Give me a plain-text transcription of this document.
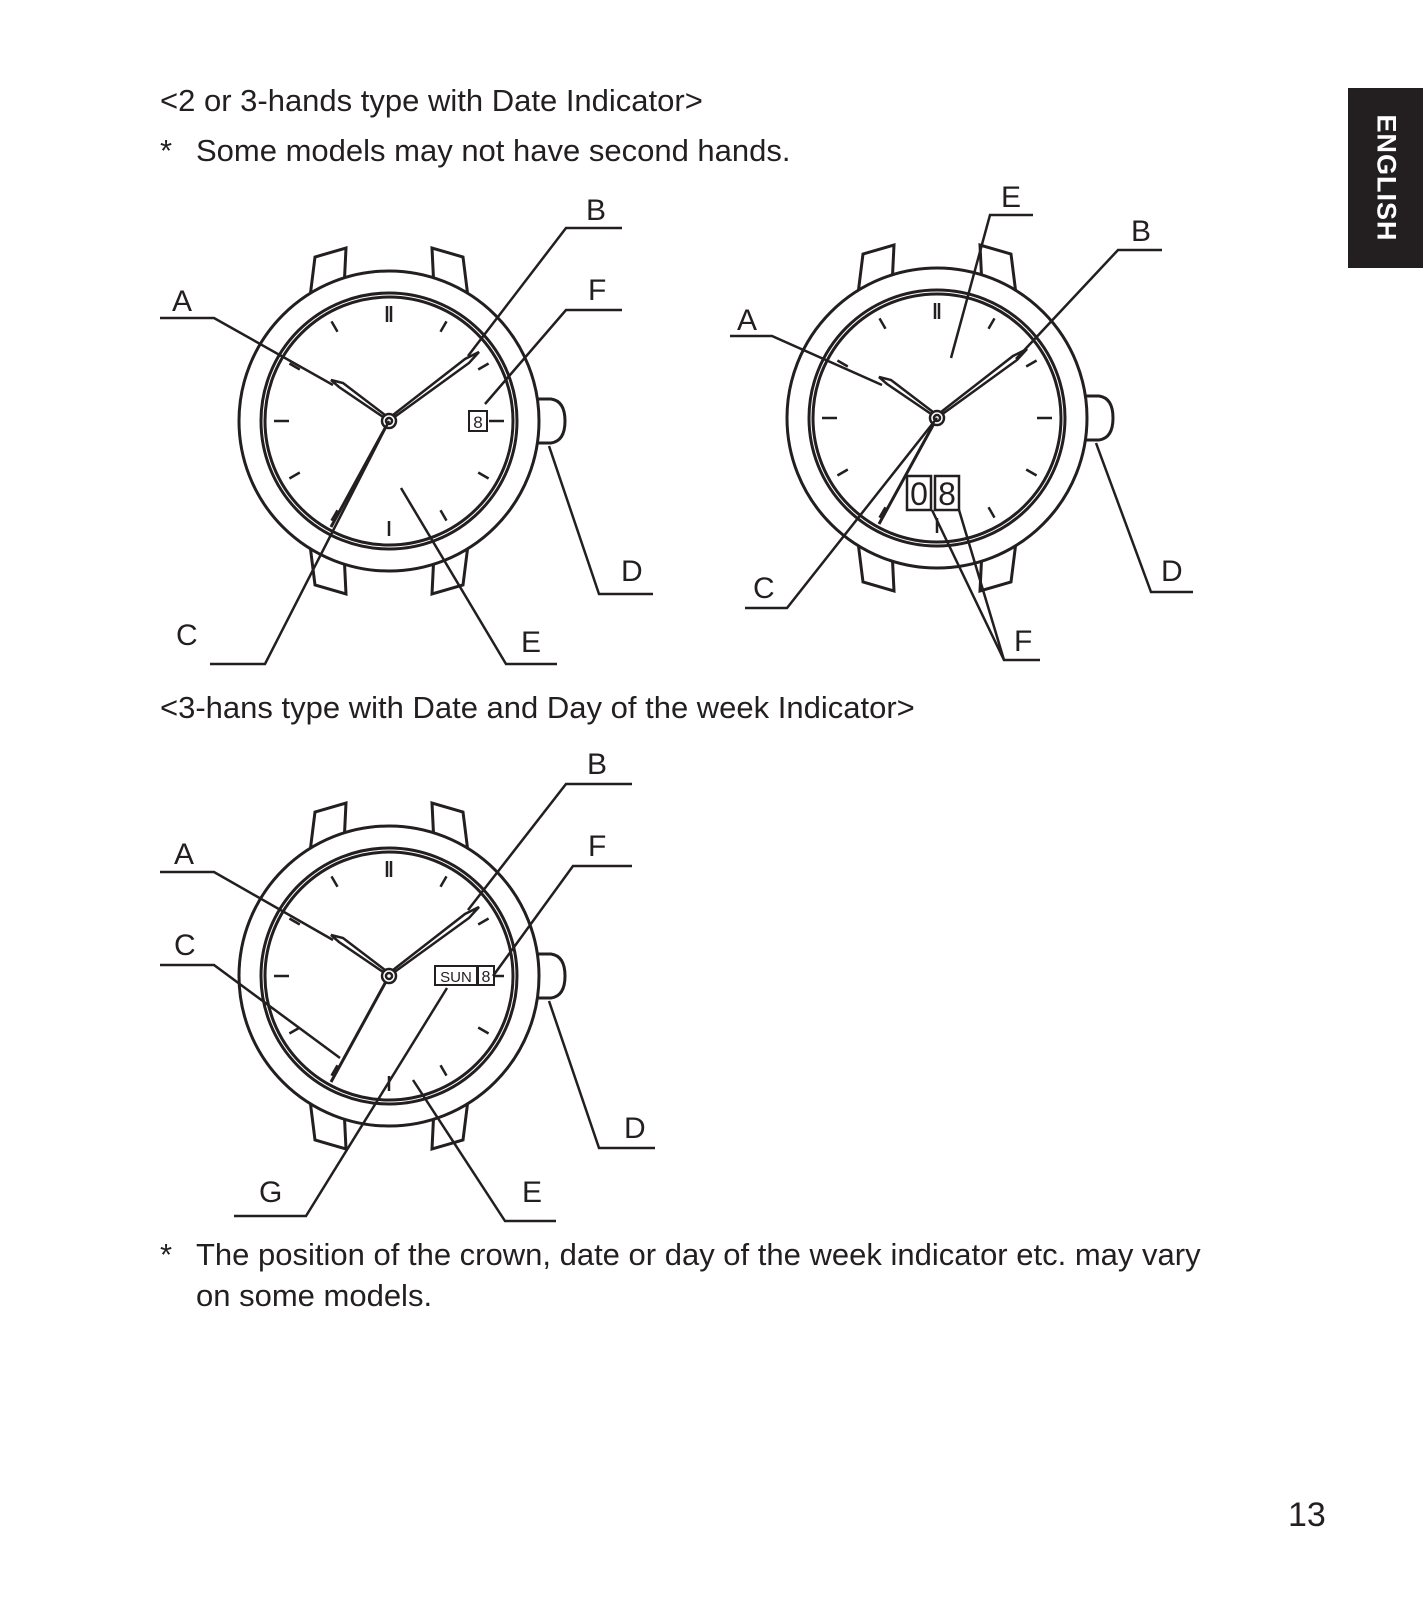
<2 or 3-hands type with Date Indicator>
* Some models may not have second hands.
<3-hans type with Date and Day of the week Indicator>
* The position of the crown, date or day of the week indicator etc. may vary
on some models.
ENGLISH
13
8
A
B
C
D
E
F
0 8
A
B
C
D
E
F
SUN 8
A
B
C
D
E
F
G
